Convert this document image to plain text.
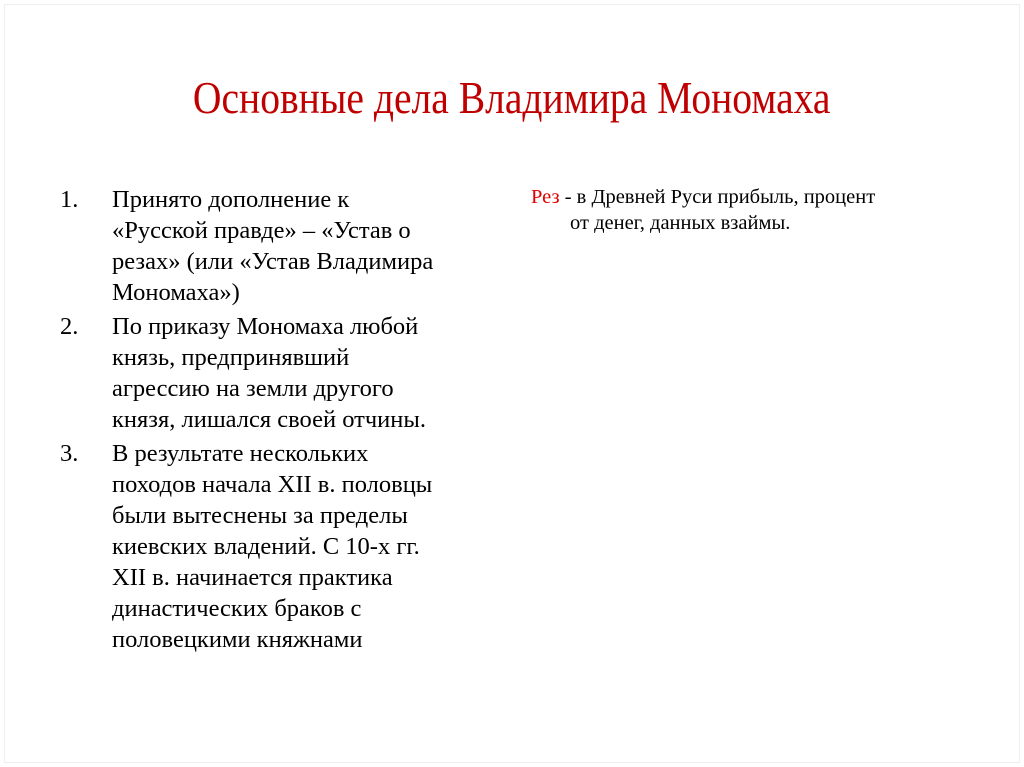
Основные дела Владимира Мономаха
1.	Принято дополнение к
«Русской правде» – «Устав о
резах» (или «Устав Владимира
Мономаха»)
2.	По приказу Мономаха любой
князь, предпринявший
агрессию на земли другого
князя, лишался своей отчины.
3.	В результате нескольких
походов начала XII в. половцы
были вытеснены за пределы
киевских владений. С 10-х гг.
XII в. начинается практика
династических браков с
половецкими княжнами
Рез - в Древней Руси прибыль, процент
от денег, данных взаймы.
